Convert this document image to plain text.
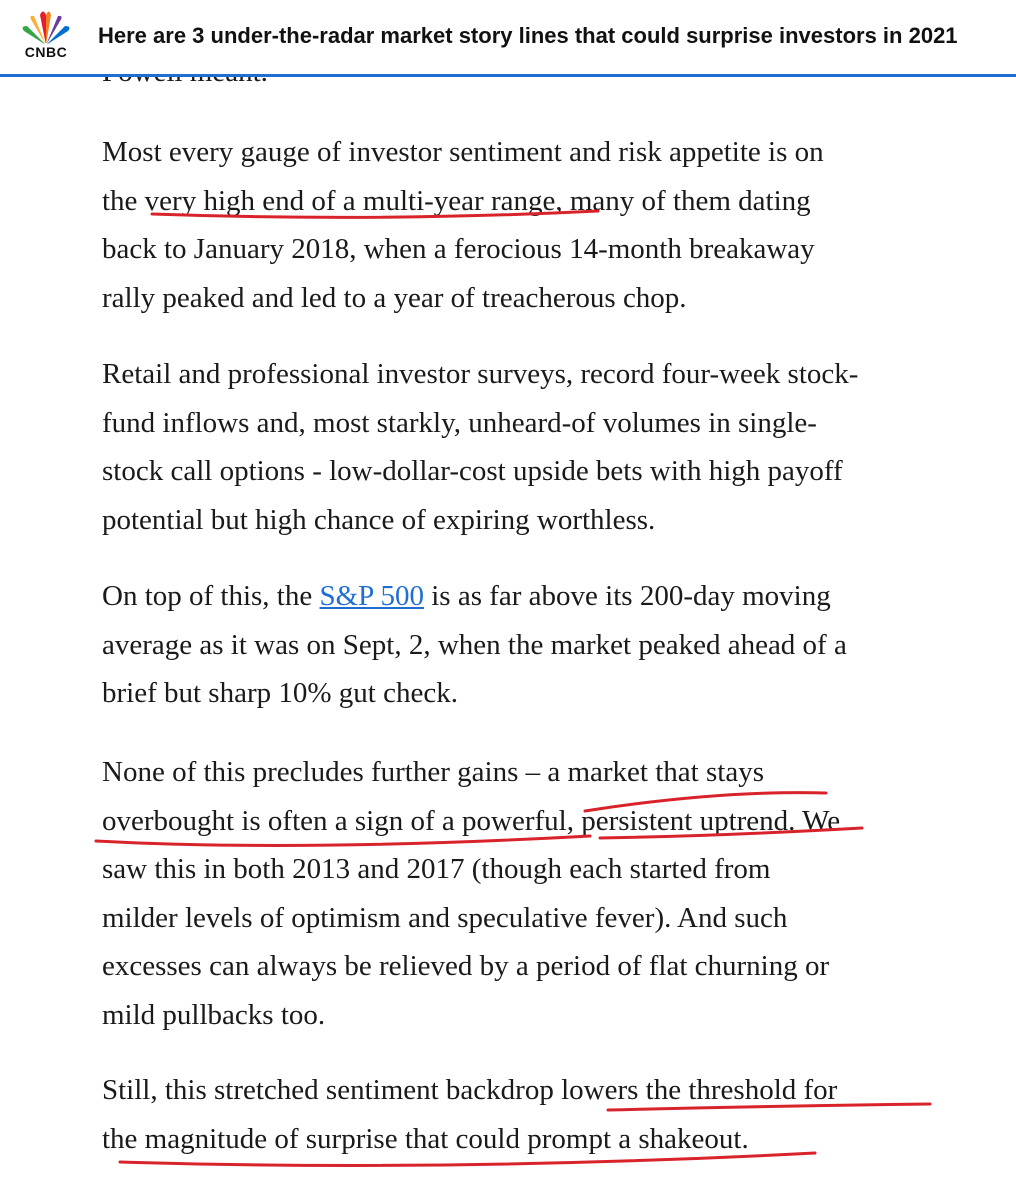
CNBC
Here are 3 under-the-radar market story lines that could surprise investors in 2021

Most every gauge of investor sentiment and risk appetite is on
the very high end of a multi-year range, many of them dating
back to January 2018, when a ferocious 14-month breakaway
rally peaked and led to a year of treacherous chop.

Retail and professional investor surveys, record four-week stock-
fund inflows and, most starkly, unheard-of volumes in single-
stock call options - low-dollar-cost upside bets with high payoff
potential but high chance of expiring worthless.

On top of this, the S&P 500 is as far above its 200-day moving
average as it was on Sept, 2, when the market peaked ahead of a
brief but sharp 10% gut check.

None of this precludes further gains – a market that stays
overbought is often a sign of a powerful, persistent uptrend. We
saw this in both 2013 and 2017 (though each started from
milder levels of optimism and speculative fever). And such
excesses can always be relieved by a period of flat churning or
mild pullbacks too.

Still, this stretched sentiment backdrop lowers the threshold for
the magnitude of surprise that could prompt a shakeout.
